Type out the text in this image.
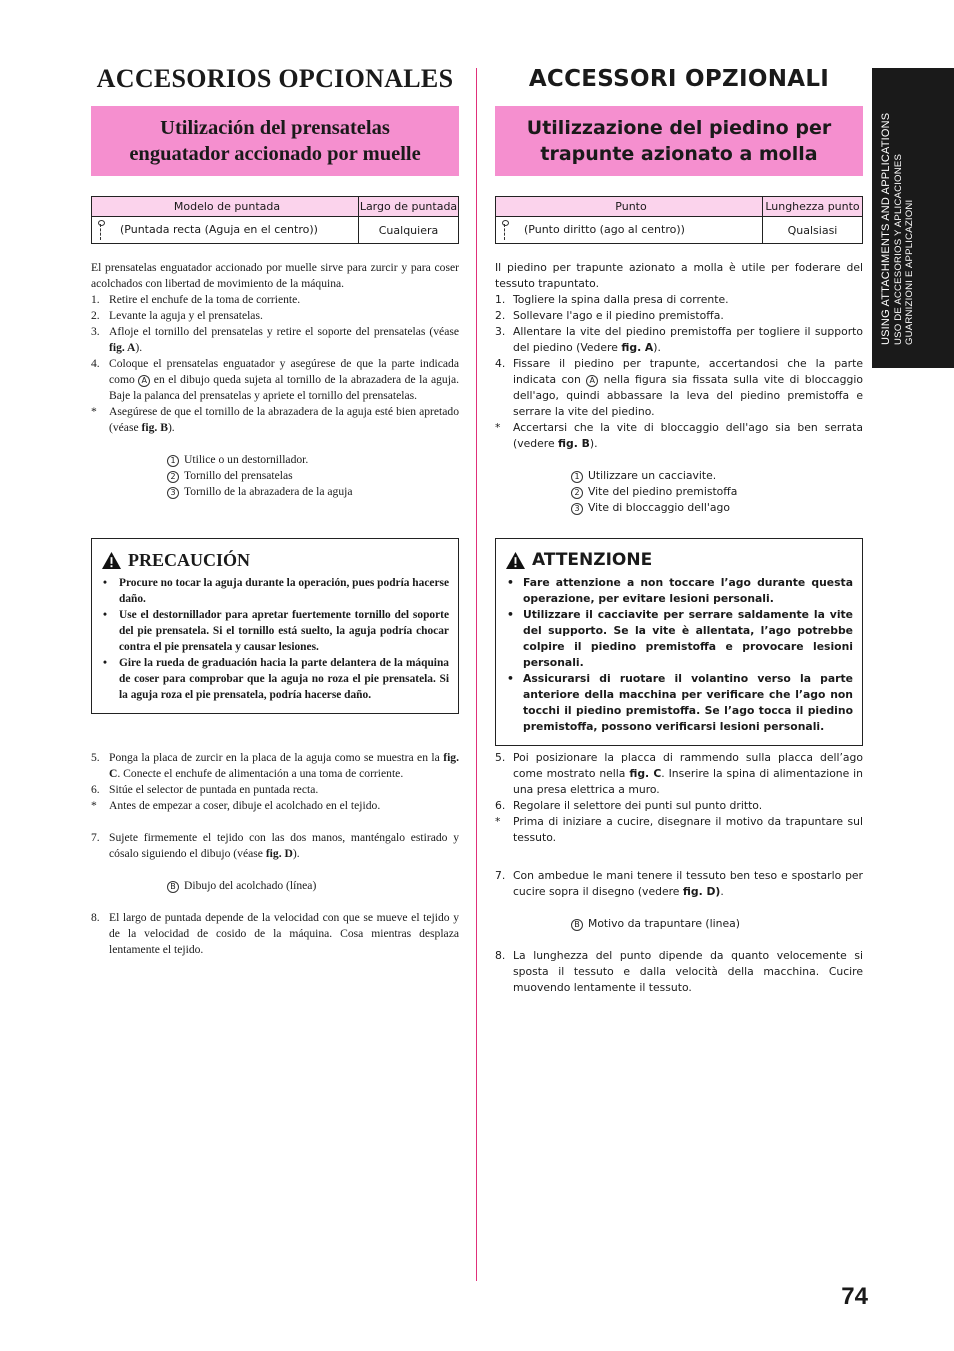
USING ATTACHMENTS AND APPLICATIONS USO DE ACCESORIOS Y APLICACIONES GUARNIZIONI E APPLICAZIONI
ACCESORIOS OPCIONALES
Utilización del prensatelas
enguatador accionado por muelle
Modelo de puntada	Largo de puntada
(Puntada recta (Aguja en el centro))	Cualquiera

El prensatelas enguatador accionado por muelle sirve para zurcir y para coser acolchados con libertad de movimiento de la máquina.

1. Retire el enchufe de la toma de corriente.
2. Levante la aguja y el prensatelas.
3. Afloje el tornillo del prensatelas y retire el soporte del prensatelas (véase fig. A).
4. Coloque el prensatelas enguatador y asegúrese de que la parte indicada como A en el dibujo queda sujeta al tornillo de la abrazadera de la aguja. Baje la palanca del prensatelas y apriete el tornillo del prensatelas.
* Asegúrese de que el tornillo de la abrazadera de la aguja esté bien apretado (véase fig. B).
1 Utilice o un destornillador.
2 Tornillo del prensatelas
3 Tornillo de la abrazadera de la aguja
PRECAUCIÓN
• Procure no tocar la aguja durante la operación, pues podría hacerse daño.
• Use el destornillador para apretar fuertemente tornillo del soporte del pie prensatela. Si el tornillo está suelto, la aguja podría chocar contra el pie prensatela y causar lesiones.
• Gire la rueda de graduación hacia la parte delantera de la máquina de coser para comprobar que la aguja no roza el pie prensatela. Si la aguja roza el pie prensatela, podría hacerse daño.
5. Ponga la placa de zurcir en la placa de la aguja como se muestra en la fig. C. Conecte el enchufe de alimentación a una toma de corriente.
6. Sitúe el selector de puntada en puntada recta.
* Antes de empezar a coser, dibuje el acolchado en el tejido.
7. Sujete firmemente el tejido con las dos manos, manténgalo estirado y cósalo siguiendo el dibujo (véase fig. D).
B Dibujo del acolchado (línea)
8. El largo de puntada depende de la velocidad con que se mueve el tejido y de la velocidad de cosido de la máquina. Cosa mientras desplaza lentamente el tejido.
ACCESSORI OPZIONALI
Utilizzazione del piedino per
trapunte azionato a molla
Punto	Lunghezza punto
(Punto diritto (ago al centro))	Qualsiasi

Il piedino per trapunte azionato a molla è utile per foderare del tessuto trapuntato.

1. Togliere la spina dalla presa di corrente.
2. Sollevare l'ago e il piedino premistoffa.
3. Allentare la vite del piedino premistoffa per togliere il supporto del piedino (Vedere fig. A).
4. Fissare il piedino per trapunte, accertandosi che la parte indicata con A nella figura sia fissata sulla vite di bloccaggio dell'ago, quindi abbassare la leva del piedino premistoffa e serrare la vite del piedino.
* Accertarsi che la vite di bloccaggio dell'ago sia ben serrata (vedere fig. B).
1 Utilizzare un cacciavite.
2 Vite del piedino premistoffa
3 Vite di bloccaggio dell'ago
ATTENZIONE
• Fare attenzione a non toccare l’ago durante questa operazione, per evitare lesioni personali.
• Utilizzare il cacciavite per serrare saldamente la vite del supporto. Se la vite è allentata, l’ago potrebbe colpire il piedino premistoffa e provocare lesioni personali.
• Assicurarsi di ruotare il volantino verso la parte anteriore della macchina per verificare che l’ago non tocchi il piedino premistoffa. Se l’ago tocca il piedino premistoffa, possono verificarsi lesioni personali.
5. Poi posizionare la placca di rammendo sulla placca dell’ago come mostrato nella fig. C. Inserire la spina di alimentazione in una presa elettrica a muro.
6. Regolare il selettore dei punti sul punto dritto.
* Prima di iniziare a cucire, disegnare il motivo da trapuntare sul tessuto.
7. Con ambedue le mani tenere il tessuto ben teso e spostarlo per cucire sopra il disegno (vedere fig. D).
B Motivo da trapuntare (linea)
8. La lunghezza del punto dipende da quanto velocemente si sposta il tessuto e dalla velocità della macchina. Cucire muovendo lentamente il tessuto.
74
